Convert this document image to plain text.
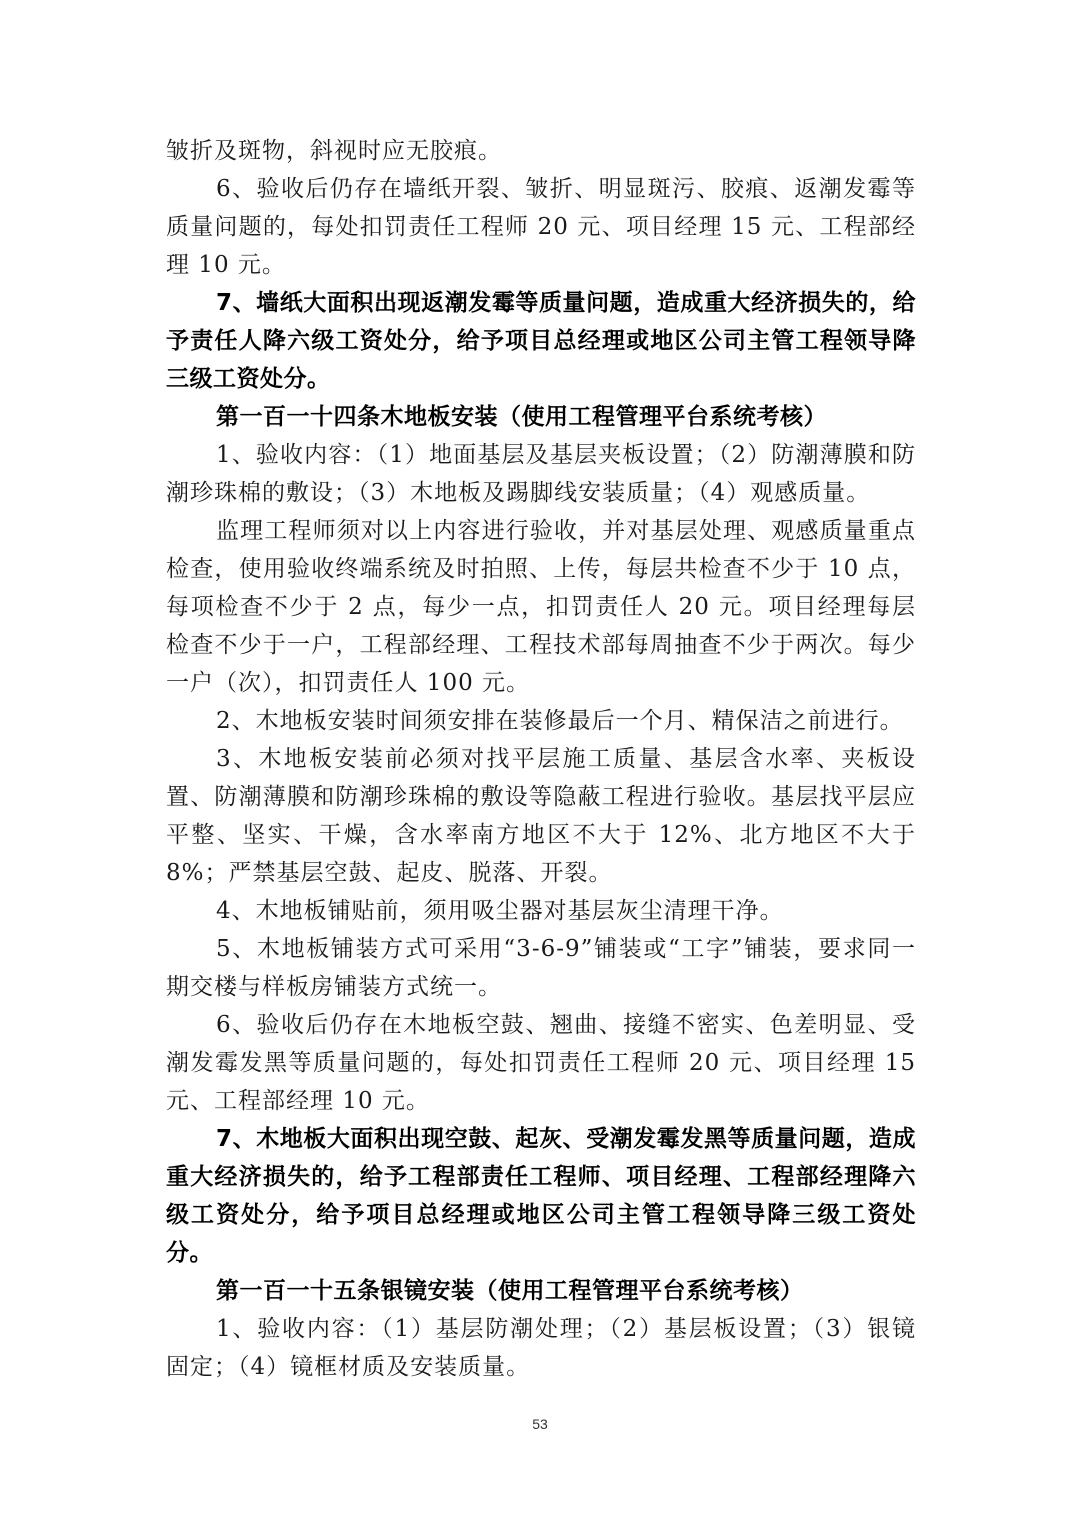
皱折及斑物，斜视时应无胶痕。

6、验收后仍存在墙纸开裂、皱折、明显斑污、胶痕、返潮发霉等质量问题的，每处扣罚责任工程师 20 元、项目经理 15 元、工程部经理 10 元。

7、墙纸大面积出现返潮发霉等质量问题，造成重大经济损失的，给予责任人降六级工资处分，给予项目总经理或地区公司主管工程领导降三级工资处分。

第一百一十四条木地板安装（使用工程管理平台系统考核）

1、验收内容：（1）地面基层及基层夹板设置；（2）防潮薄膜和防潮珍珠棉的敷设；（3）木地板及踢脚线安装质量；（4）观感质量。

监理工程师须对以上内容进行验收，并对基层处理、观感质量重点检查，使用验收终端系统及时拍照、上传，每层共检查不少于 10 点，每项检查不少于 2 点，每少一点，扣罚责任人 20 元。项目经理每层检查不少于一户，工程部经理、工程技术部每周抽查不少于两次。每少一户（次），扣罚责任人 100 元。

2、木地板安装时间须安排在装修最后一个月、精保洁之前进行。

3、木地板安装前必须对找平层施工质量、基层含水率、夹板设置、防潮薄膜和防潮珍珠棉的敷设等隐蔽工程进行验收。基层找平层应平整、坚实、干燥，含水率南方地区不大于 12%、北方地区不大于 8%；严禁基层空鼓、起皮、脱落、开裂。

4、木地板铺贴前，须用吸尘器对基层灰尘清理干净。

5、木地板铺装方式可采用“3-6-9”铺装或“工字”铺装，要求同一期交楼与样板房铺装方式统一。

6、验收后仍存在木地板空鼓、翘曲、接缝不密实、色差明显、受潮发霉发黑等质量问题的，每处扣罚责任工程师 20 元、项目经理 15 元、工程部经理 10 元。

7、木地板大面积出现空鼓、起灰、受潮发霉发黑等质量问题，造成重大经济损失的，给予工程部责任工程师、项目经理、工程部经理降六级工资处分，给予项目总经理或地区公司主管工程领导降三级工资处分。

第一百一十五条银镜安装（使用工程管理平台系统考核）

1、验收内容：（1）基层防潮处理；（2）基层板设置；（3）银镜固定；（4）镜框材质及安装质量。

53
